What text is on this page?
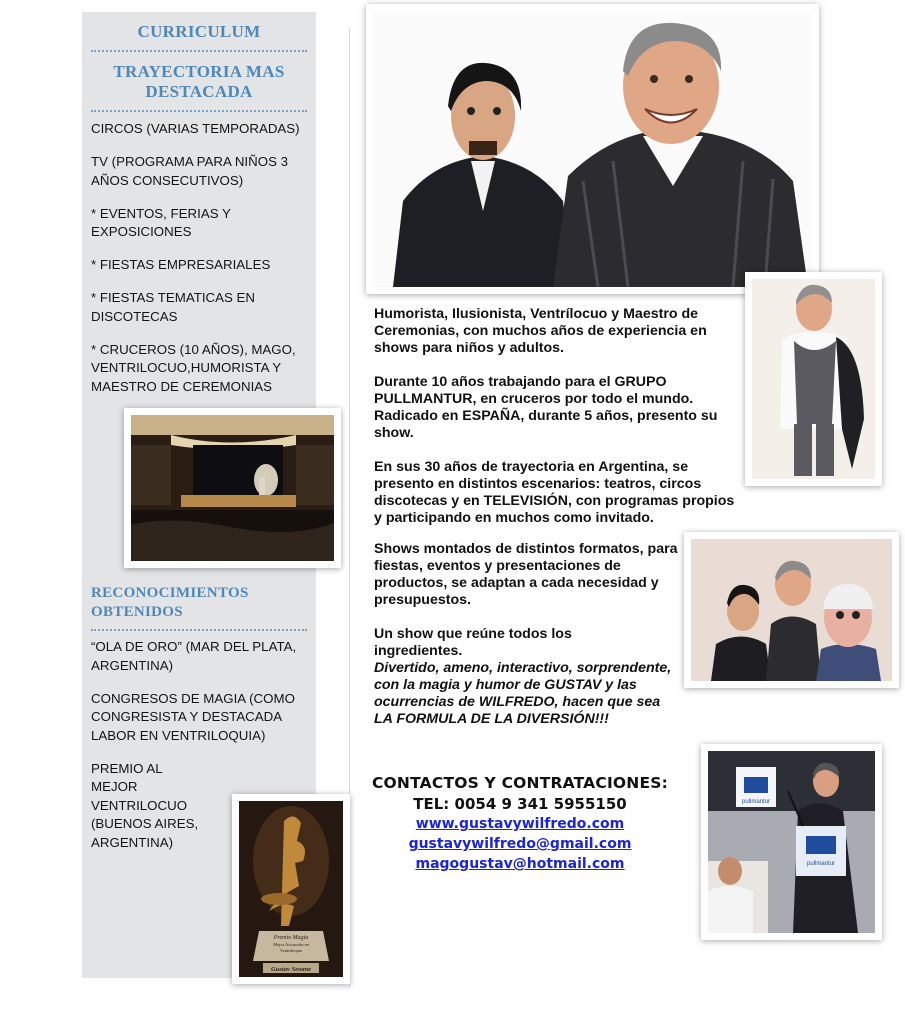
CURRICULUM
TRAYECTORIA MAS DESTACADA

CIRCOS (VARIAS TEMPORADAS)

TV (PROGRAMA PARA NIÑOS 3 AÑOS CONSECUTIVOS)

* EVENTOS, FERIAS Y EXPOSICIONES

* FIESTAS EMPRESARIALES

* FIESTAS TEMATICAS EN DISCOTECAS

* CRUCEROS (10 AÑOS), MAGO, VENTRILOCUO,HUMORISTA Y MAESTRO DE CEREMONIAS

RECONOCIMIENTOS OBTENIDOS

“OLA DE ORO” (MAR DEL PLATA, ARGENTINA)

CONGRESOS DE MAGIA (COMO CONGRESISTA Y DESTACADA LABOR EN VENTRILOQUIA)

PREMIO AL MEJOR VENTRILOCUO (BUENOS AIRES, ARGENTINA)

pullmantur
pullmantur
Premio Magia
Mejor Actuación en
Ventriloquia
Gustav Seoane

Humorista, Ilusionista, Ventrílocuo y Maestro de Ceremonias, con muchos años de experiencia en shows para niños y adultos.

Durante 10 años trabajando para el GRUPO PULLMANTUR, en cruceros por todo el mundo. Radicado en ESPAÑA, durante 5 años, presento su show.

En sus 30 años de trayectoria en Argentina, se presento en distintos escenarios: teatros, circos discotecas y en TELEVISIÓN, con programas propios y participando en muchos como invitado.

Shows montados de distintos formatos, para fiestas, eventos y presentaciones de productos, se adaptan a cada necesidad y presupuestos.

Un show que reúne todos los ingredientes.

Divertido, ameno, interactivo, sorprendente, con la magia y humor de GUSTAV y las ocurrencias de WILFREDO, hacen que sea LA FORMULA DE LA DIVERSIÓN!!!

CONTACTOS Y CONTRATACIONES:
TEL: 0054 9 341 5955150
www.gustavywilfredo.com
gustavywilfredo@gmail.com
magogustav@hotmail.com
